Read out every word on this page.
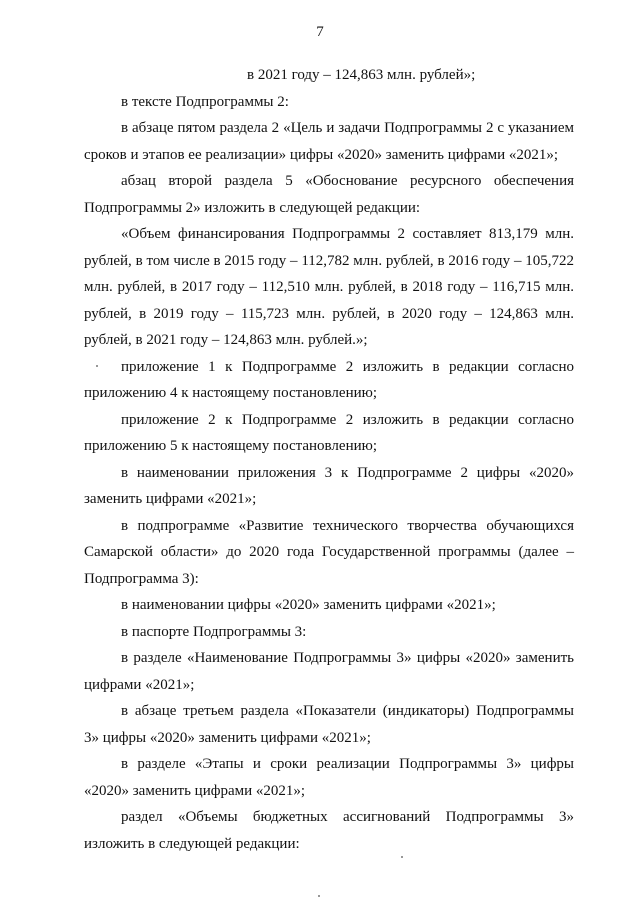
7

в 2021 году – 124,863 млн. рублей»;

в тексте Подпрограммы 2:

в абзаце пятом раздела 2 «Цель и задачи Подпрограммы 2 с указанием сроков и этапов ее реализации» цифры «2020» заменить цифрами «2021»;

абзац второй раздела 5 «Обоснование ресурсного обеспечения Подпрограммы 2» изложить в следующей редакции:

«Объем финансирования Подпрограммы 2 составляет 813,179 млн. рублей, в том числе в 2015 году – 112,782 млн. рублей, в 2016 году – 105,722 млн. рублей, в 2017 году – 112,510 млн. рублей, в 2018 году – 116,715 млн. рублей, в 2019 году – 115,723 млн. рублей, в 2020 году – 124,863 млн. рублей, в 2021 году – 124,863 млн. рублей.»;

приложение 1 к Подпрограмме 2 изложить в редакции согласно приложению 4 к настоящему постановлению;

приложение 2 к Подпрограмме 2 изложить в редакции согласно приложению 5 к настоящему постановлению;

в наименовании приложения 3 к Подпрограмме 2 цифры «2020» заменить цифрами «2021»;

в подпрограмме «Развитие технического творчества обучающихся Самарской области» до 2020 года Государственной программы (далее – Подпрограмма 3):

в наименовании цифры «2020» заменить цифрами «2021»;

в паспорте Подпрограммы 3:

в разделе «Наименование Подпрограммы 3» цифры «2020» заменить цифрами «2021»;

в абзаце третьем раздела «Показатели (индикаторы) Подпрограммы 3» цифры «2020» заменить цифрами «2021»;

в разделе «Этапы и сроки реализации Подпрограммы 3» цифры «2020» заменить цифрами «2021»;

раздел «Объемы бюджетных ассигнований Подпрограммы 3» изложить в следующей редакции:
